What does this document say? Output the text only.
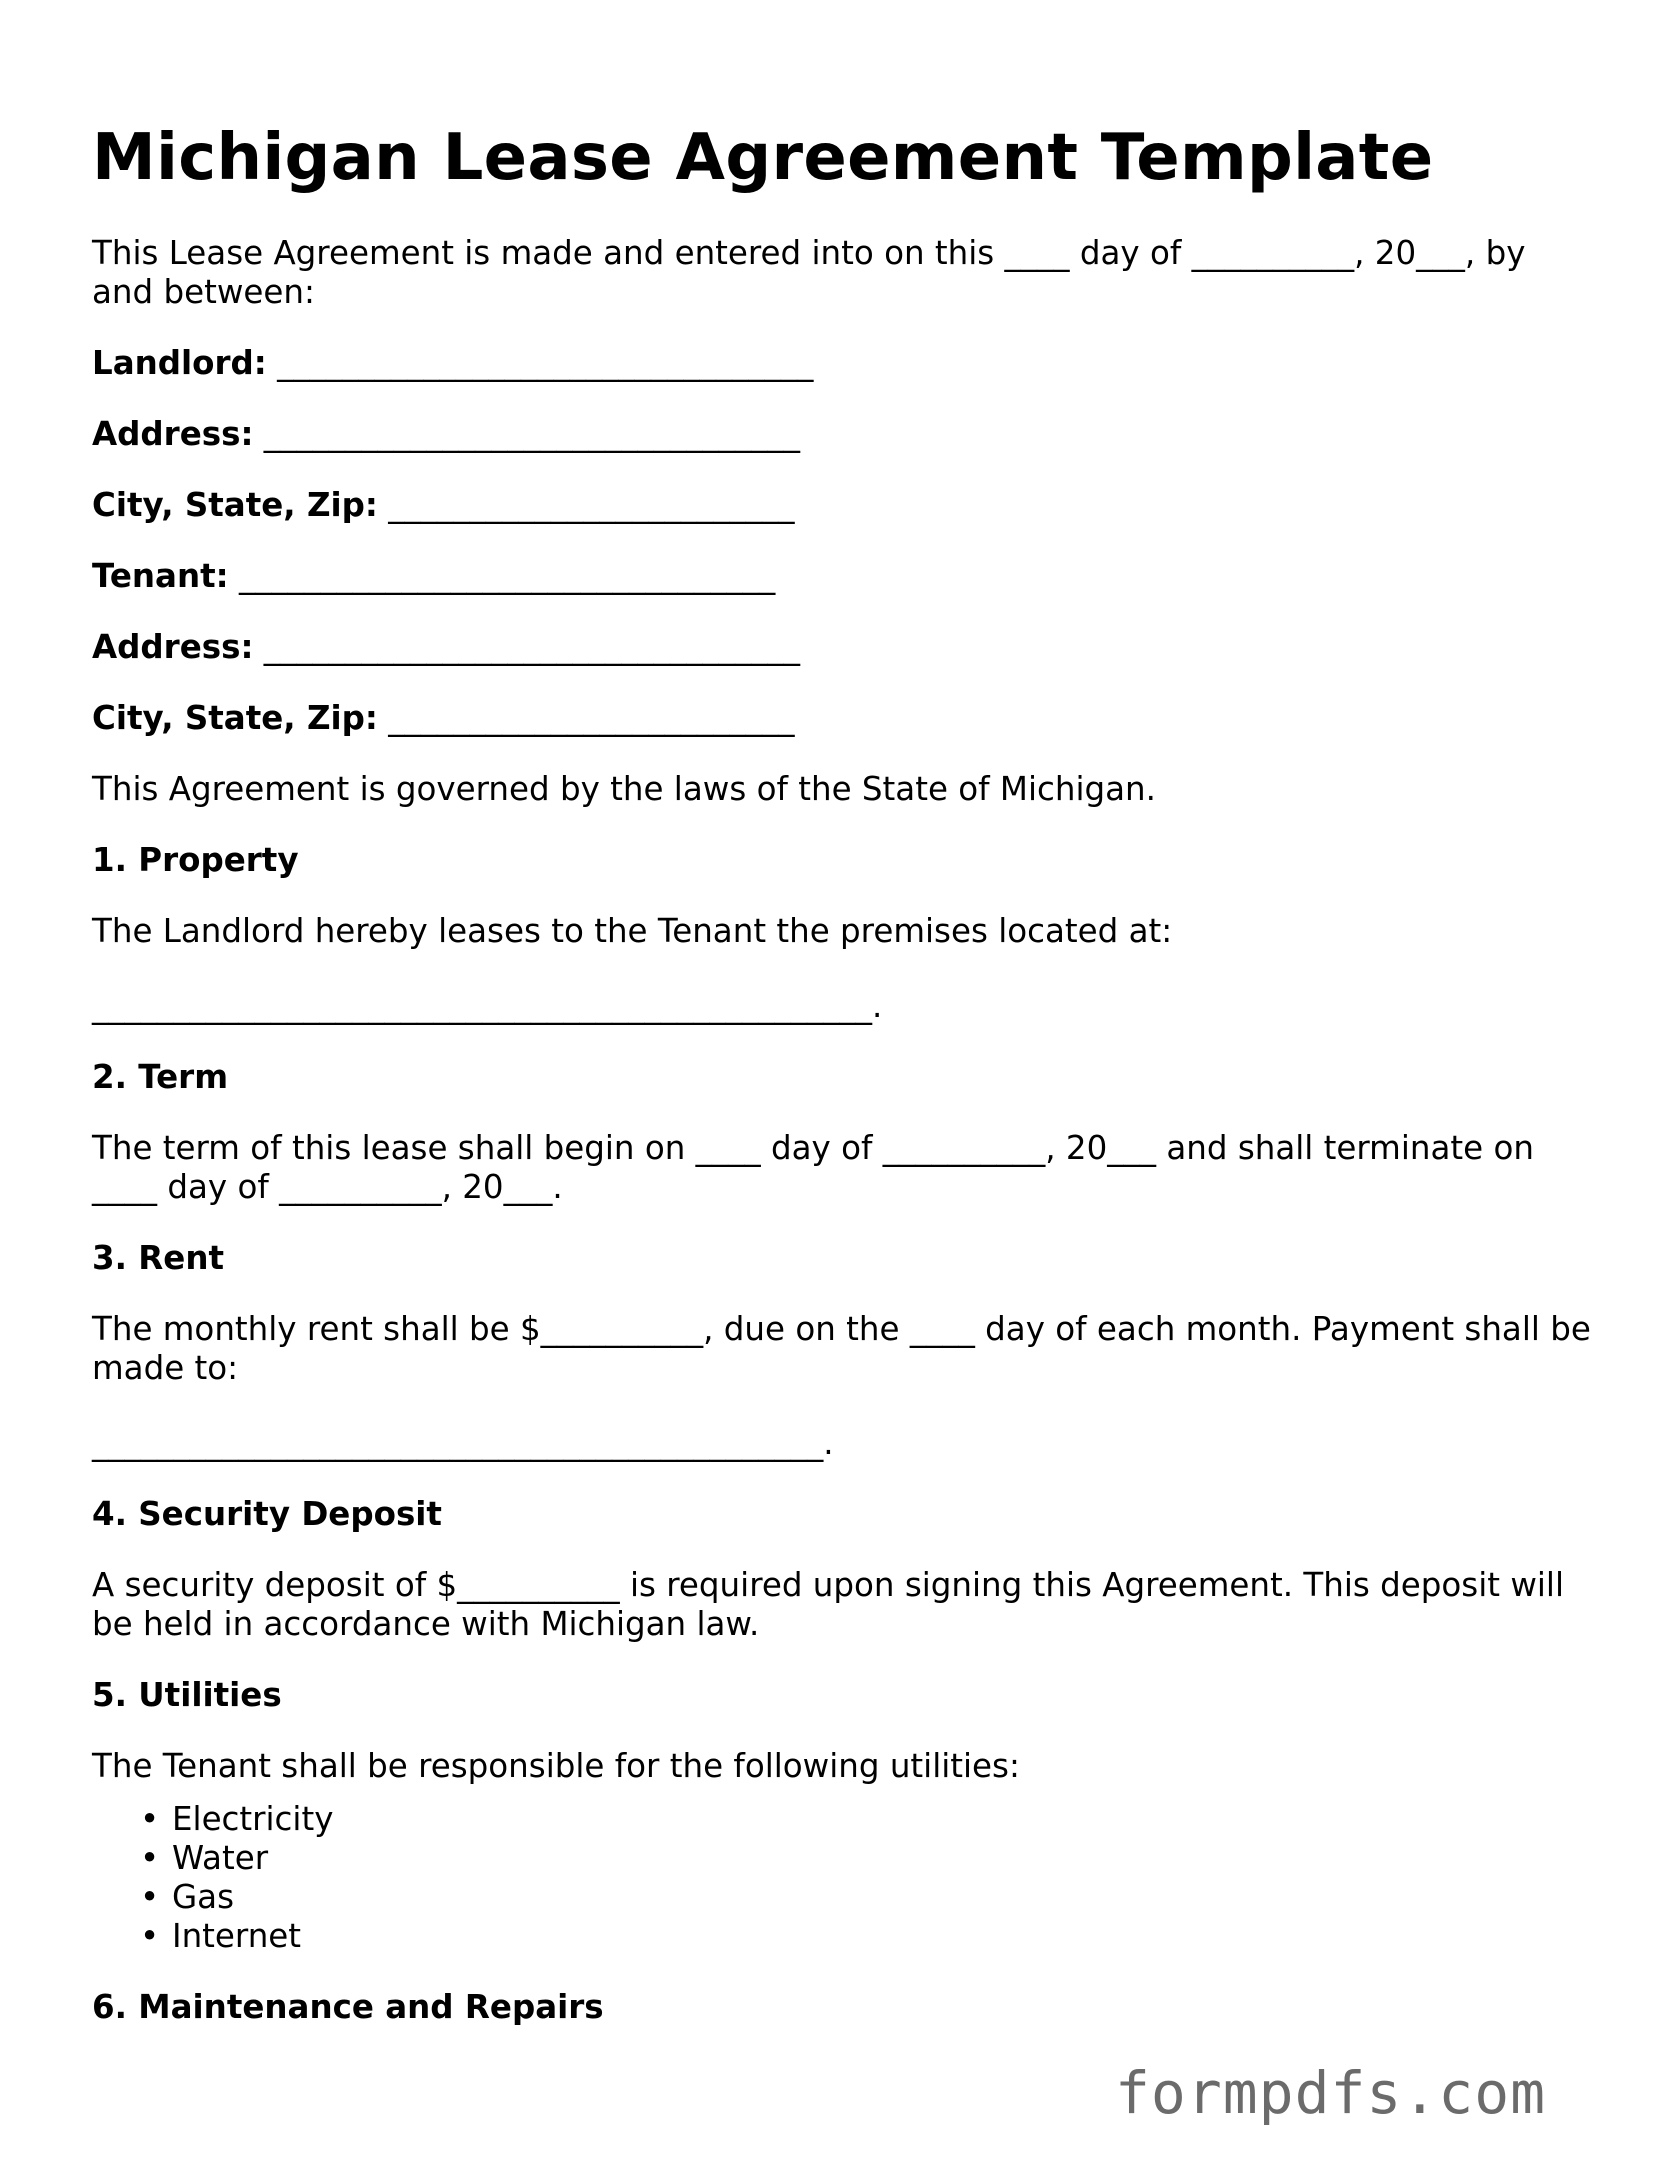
Michigan Lease Agreement Template

This Lease Agreement is made and entered into on this ____ day of __________, 20___, by and between:

Landlord: _________________________________
Address: _________________________________
City, State, Zip: _________________________
Tenant: _________________________________
Address: _________________________________
City, State, Zip: _________________________

This Agreement is governed by the laws of the State of Michigan.

1. Property

The Landlord hereby leases to the Tenant the premises located at:

________________________________________________.

2. Term

The term of this lease shall begin on ____ day of __________, 20___ and shall terminate on ____ day of __________, 20___.

3. Rent

The monthly rent shall be $__________, due on the ____ day of each month. Payment shall be made to:

_____________________________________________.

4. Security Deposit

A security deposit of $__________ is required upon signing this Agreement. This deposit will be held in accordance with Michigan law.

5. Utilities

The Tenant shall be responsible for the following utilities:

• Electricity
• Water
• Gas
• Internet
6. Maintenance and Repairs
formpdfs.com
